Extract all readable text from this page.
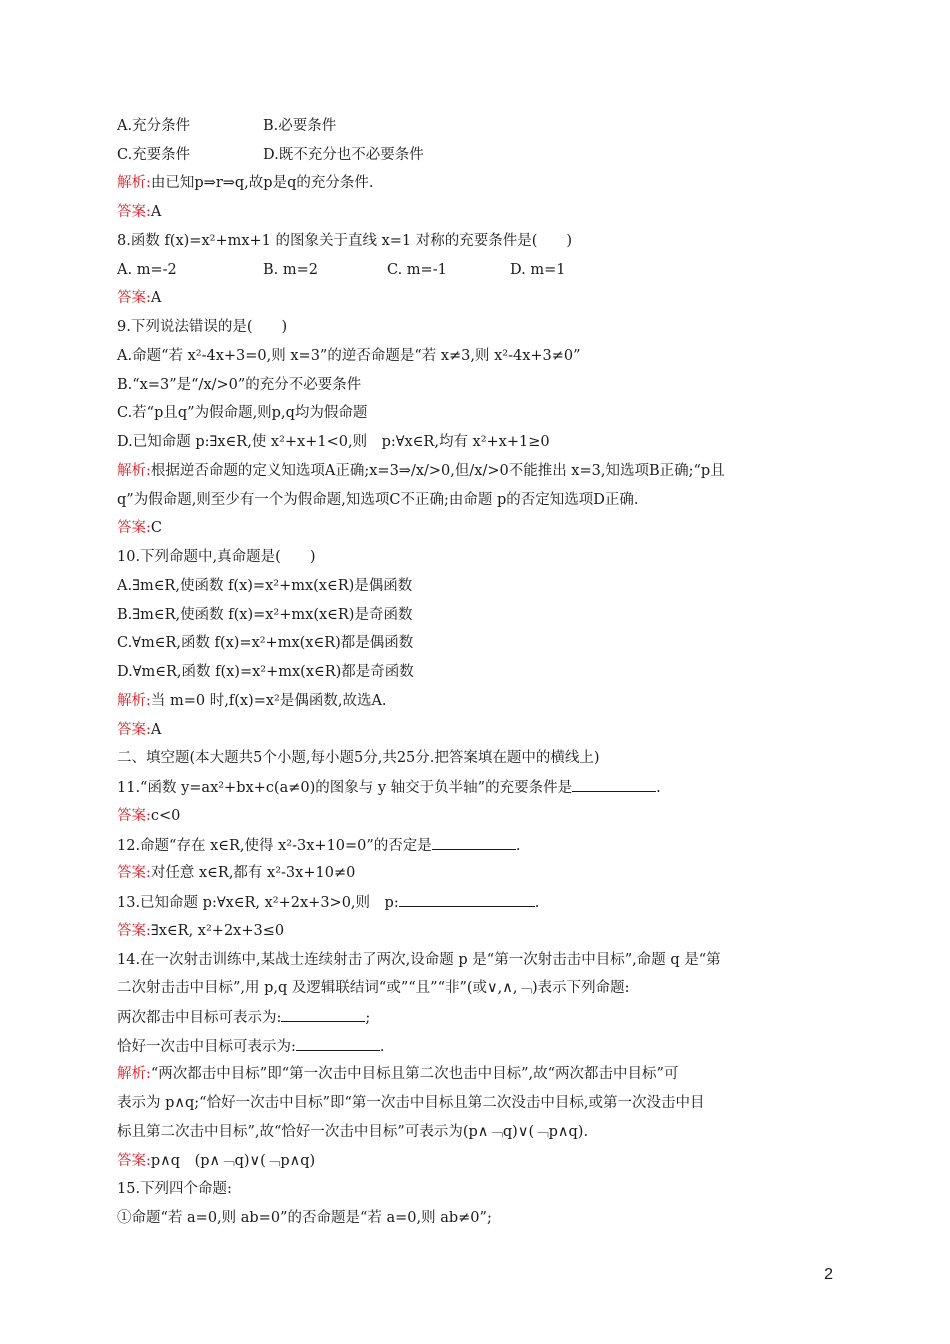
A.充分条件	B.必要条件
C.充要条件	D.既不充分也不必要条件
解析:由已知p⇒r⇒q,故p是q的充分条件.
答案:A
8.函数 f(x)=x²+mx+1 的图象关于直线 x=1 对称的充要条件是(　　)
A. m=-2	B. m=2	C. m=-1	D. m=1
答案:A
9.下列说法错误的是(　　)
A.命题“若 x²-4x+3=0,则 x=3”的逆否命题是“若 x≠3,则 x²-4x+3≠0”
B.“x=3”是“/x/>0”的充分不必要条件
C.若“p且q”为假命题,则p,q均为假命题
D.已知命题 p:∃x∈R,使 x²+x+1<0,则　p:∀x∈R,均有 x²+x+1≥0
解析:根据逆否命题的定义知选项A正确;x=3⇒/x/>0,但/x/>0不能推出 x=3,知选项B正确;“p且
q”为假命题,则至少有一个为假命题,知选项C不正确;由命题 p的否定知选项D正确.
答案:C
10.下列命题中,真命题是(　　)
A.∃m∈R,使函数 f(x)=x²+mx(x∈R)是偶函数
B.∃m∈R,使函数 f(x)=x²+mx(x∈R)是奇函数
C.∀m∈R,函数 f(x)=x²+mx(x∈R)都是偶函数
D.∀m∈R,函数 f(x)=x²+mx(x∈R)都是奇函数
解析:当 m=0 时,f(x)=x²是偶函数,故选A.
答案:A
二、填空题(本大题共5个小题,每小题5分,共25分.把答案填在题中的横线上)
11.“函数 y=ax²+bx+c(a≠0)的图象与 y 轴交于负半轴”的充要条件是	.
答案:c<0
12.命题“存在 x∈R,使得 x²-3x+10=0”的否定是	.
答案:对任意 x∈R,都有 x²-3x+10≠0
13.已知命题 p:∀x∈R, x²+2x+3>0,则　p:	.
答案:∃x∈R, x²+2x+3≤0
14.在一次射击训练中,某战士连续射击了两次,设命题 p 是“第一次射击击中目标”,命题 q 是“第
二次射击击中目标”,用 p,q 及逻辑联结词“或”“且”“非”(或∨,∧,﹁)表示下列命题:
两次都击中目标可表示为:	;
恰好一次击中目标可表示为:	.
解析:“两次都击中目标”即“第一次击中目标且第二次也击中目标”,故“两次都击中目标”可
表示为 p∧q;“恰好一次击中目标”即“第一次击中目标且第二次没击中目标,或第一次没击中目
标且第二次击中目标”,故“恰好一次击中目标”可表示为(p∧﹁q)∨(﹁p∧q).
答案:p∧q　(p∧﹁q)∨(﹁p∧q)
15.下列四个命题:
①命题“若 a=0,则 ab=0”的否命题是“若 a=0,则 ab≠0”;
2
